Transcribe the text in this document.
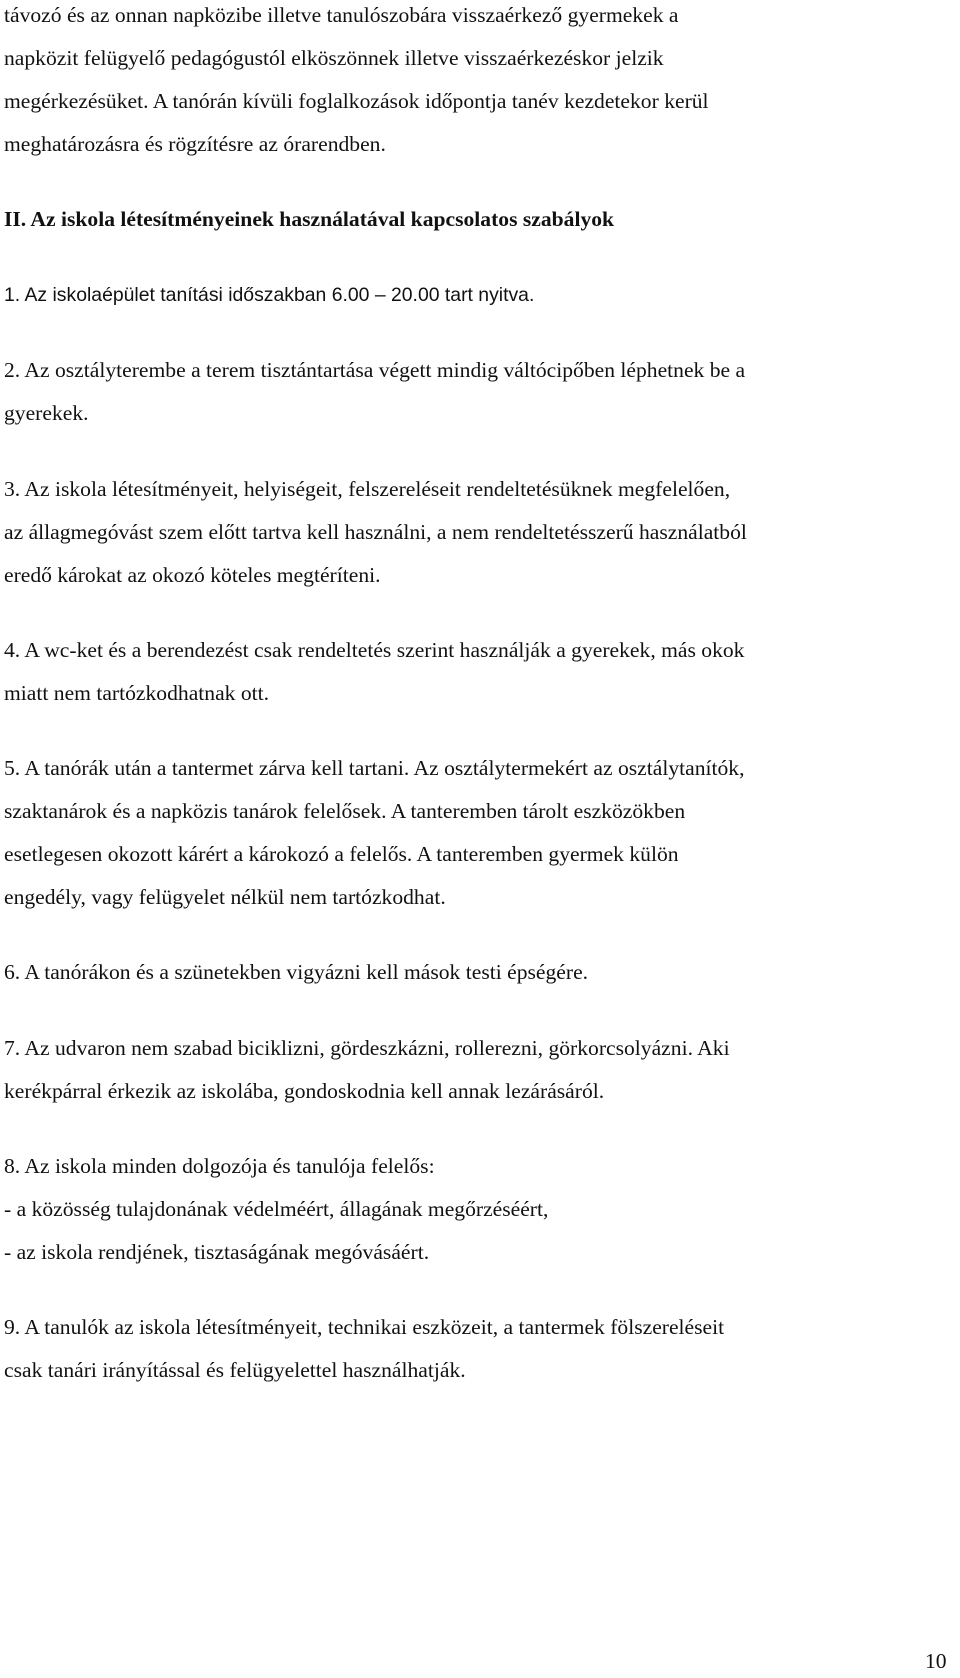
távozó és az onnan napközibe illetve tanulószobára visszaérkező gyermekek a
napközit felügyelő pedagógustól elköszönnek illetve visszaérkezéskor jelzik
megérkezésüket. A tanórán kívüli foglalkozások időpontja tanév kezdetekor kerül
meghatározásra és rögzítésre az órarendben.
II. Az iskola létesítményeinek használatával kapcsolatos szabályok
1. Az iskolaépület tanítási időszakban 6.00 – 20.00 tart nyitva.
2. Az osztályterembe a terem tisztántartása végett mindig váltócipőben léphetnek be a
gyerekek.
3. Az iskola létesítményeit, helyiségeit, felszereléseit rendeltetésüknek megfelelően,
az állagmegóvást szem előtt tartva kell használni, a nem rendeltetésszerű használatból
eredő károkat az okozó köteles megtéríteni.
4. A wc-ket és a berendezést csak rendeltetés szerint használják a gyerekek, más okok
miatt nem tartózkodhatnak ott.
5. A tanórák után a tantermet zárva kell tartani. Az osztálytermekért az osztálytanítók,
szaktanárok és a napközis tanárok felelősek. A tanteremben tárolt eszközökben
esetlegesen okozott kárért a károkozó a felelős. A tanteremben gyermek külön
engedély, vagy felügyelet nélkül nem tartózkodhat.
6. A tanórákon és a szünetekben vigyázni kell mások testi épségére.
7. Az udvaron nem szabad biciklizni, gördeszkázni, rollerezni, görkorcsolyázni. Aki
kerékpárral érkezik az iskolába, gondoskodnia kell annak lezárásáról.
8. Az iskola minden dolgozója és tanulója felelős:
- a közösség tulajdonának védelméért, állagának megőrzéséért,
- az iskola rendjének, tisztaságának megóvásáért.
9. A tanulók az iskola létesítményeit, technikai eszközeit, a tantermek fölszereléseit
csak tanári irányítással és felügyelettel használhatják.
10
